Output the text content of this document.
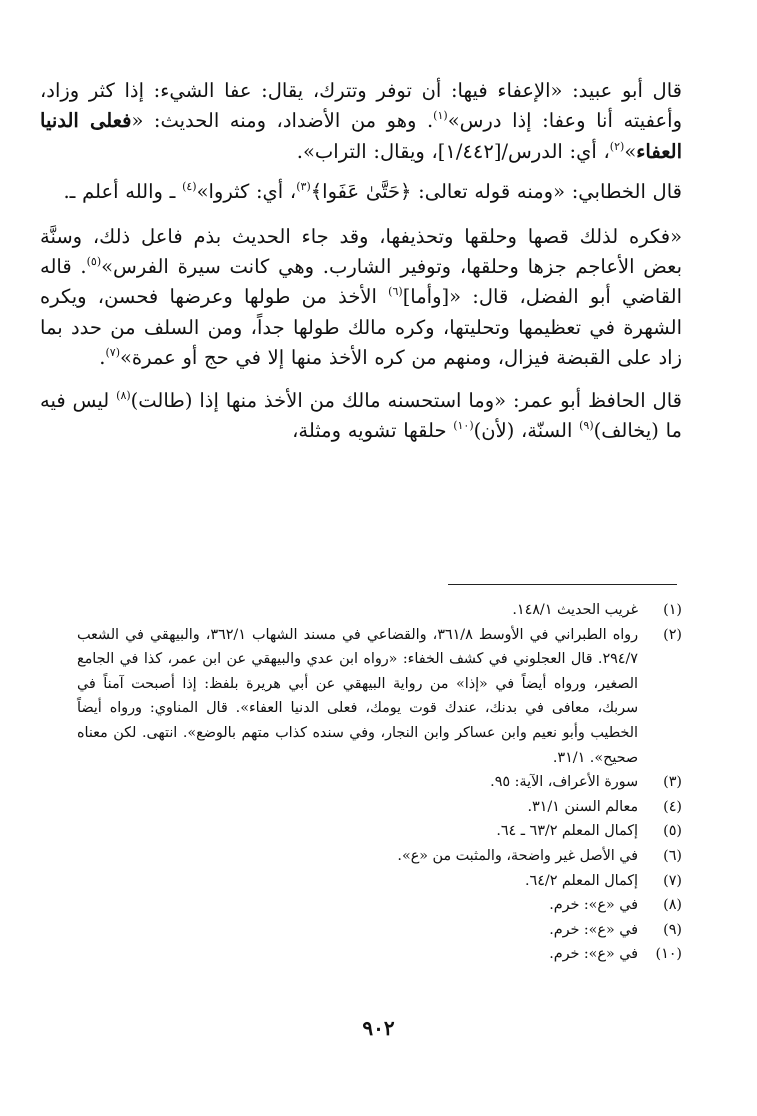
قال أبو عبيد: «الإعفاء فيها: أن توفر وتترك، يقال: عفا الشيء: إذا كثر وزاد، وأعفيته أنا وعفا: إذا درس»$^{(١)}$. وهو من الأضداد، ومنه الحديث: «فعلى الدنيا العفاء»$^{(٢)}$، أي: الدرس/[١/٤٤٢]، ويقال: التراب».

قال الخطابي: «ومنه قوله تعالى: ﴿حَتَّىٰ عَفَوا﴾$^{(٣)}$، أي: كثروا»$^{(٤)}$ ـ والله أعلم ـ.

«فكره لذلك قصها وحلقها وتحذيفها، وقد جاء الحديث بذم فاعل ذلك، وسنَّة بعض الأعاجم جزها وحلقها، وتوفير الشارب. وهي كانت سيرة الفرس»$^{(٥)}$. قاله القاضي أبو الفضل، قال: «[وأما]$^{(٦)}$ الأخذ من طولها وعرضها فحسن، ويكره الشهرة في تعظيمها وتحليتها، وكره مالك طولها جداً، ومن السلف من حدد بما زاد على القبضة فيزال، ومنهم من كره الأخذ منها إلا في حج أو عمرة»$^{(٧)}$.

قال الحافظ أبو عمر: «وما استحسنه مالك من الأخذ منها إذا (طالت)$^{(٨)}$ ليس فيه ما (يخالف)$^{(٩)}$ السنّة، (لأن)$^{(١٠)}$ حلقها تشويه ومثلة،

(١)
غريب الحديث ١٤٨/١.
(٢)
رواه الطبراني في الأوسط ٣٦١/٨، والقضاعي في مسند الشهاب ٣٦٢/١، والبيهقي في الشعب ٢٩٤/٧. قال العجلوني في كشف الخفاء: «رواه ابن عدي والبيهقي عن ابن عمر، كذا في الجامع الصغير، ورواه أيضاً في «إذا» من رواية البيهقي عن أبي هريرة بلفظ: إذا أصبحت آمناً في سربك، معافى في بدنك، عندك قوت يومك، فعلى الدنيا العفاء». قال المناوي: ورواه أيضاً الخطيب وأبو نعيم وابن عساكر وابن النجار، وفي سنده كذاب متهم بالوضع». انتهى. لكن معناه صحيح». ٣١/١.
(٣)
سورة الأعراف، الآية: ٩٥.
(٤)
معالم السنن ٣١/١.
(٥)
إكمال المعلم ٦٣/٢ ـ ٦٤.
(٦)
في الأصل غير واضحة، والمثبت من «ع».
(٧)
إكمال المعلم ٦٤/٢.
(٨)
في «ع»: خرم.
(٩)
في «ع»: خرم.
(١٠)
في «ع»: خرم.
٩٠٢
